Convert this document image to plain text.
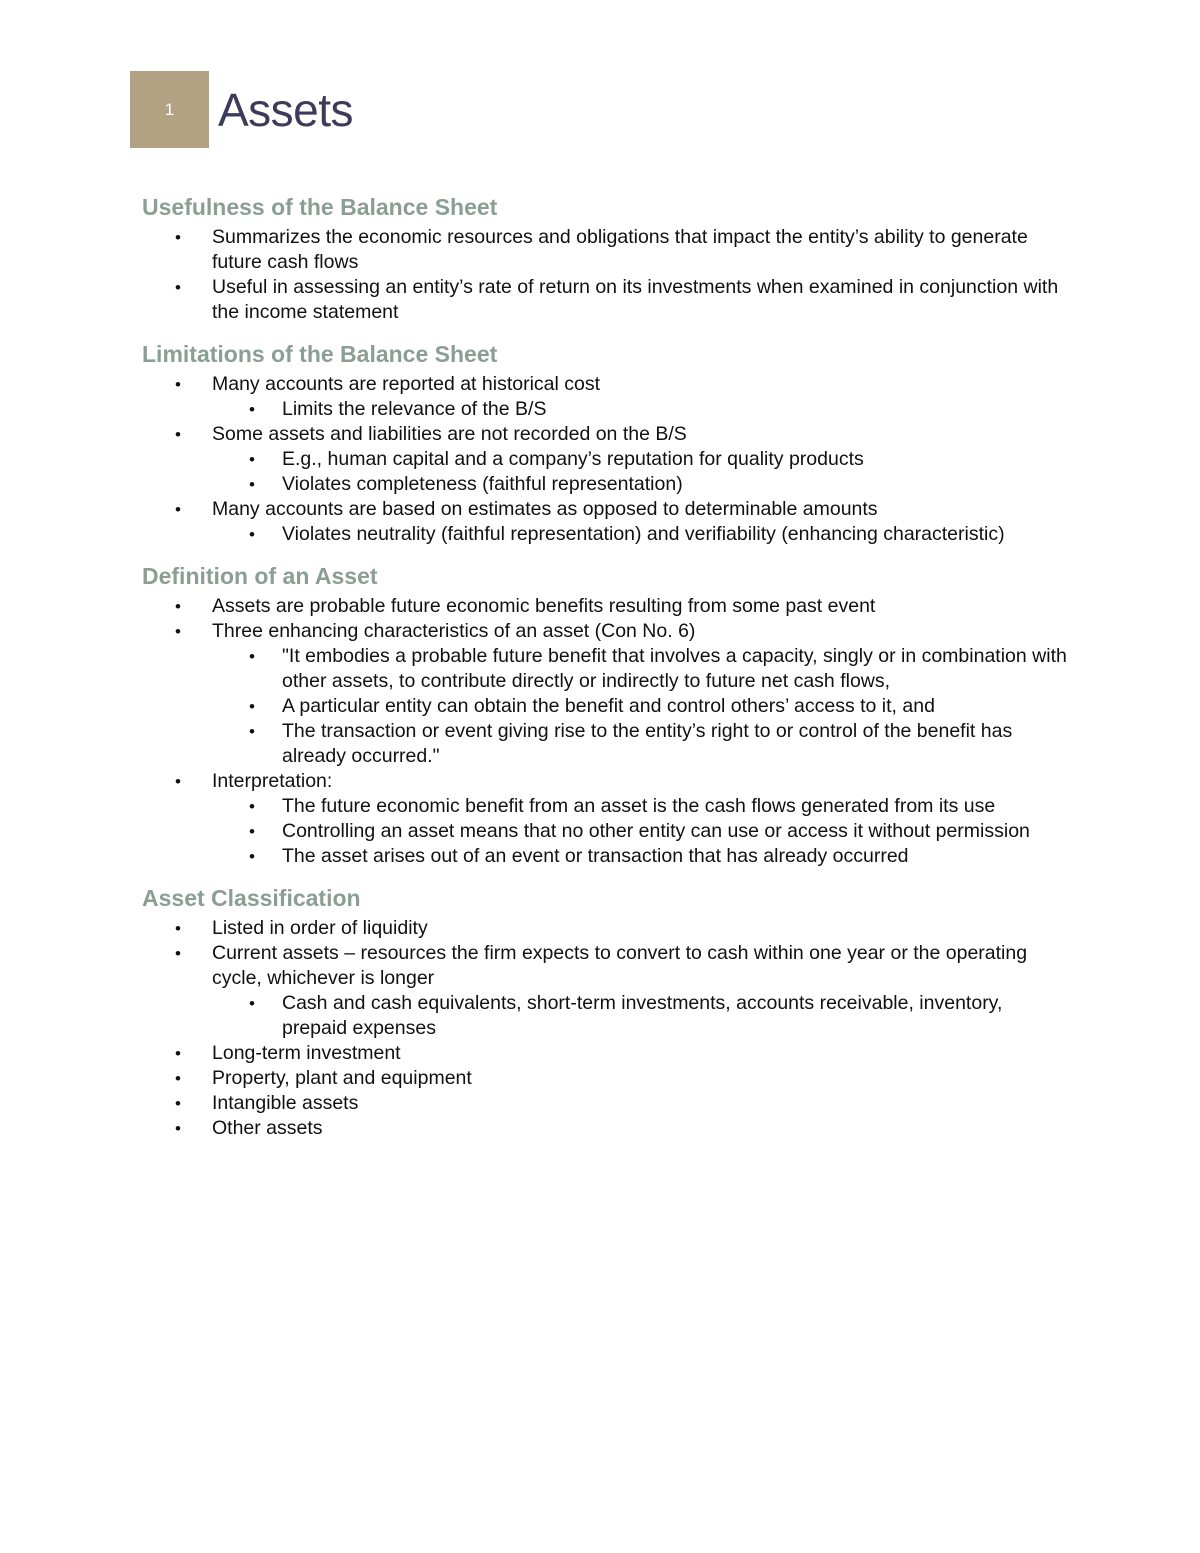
1 Assets
Usefulness of the Balance Sheet
• Summarizes the economic resources and obligations that impact the entity’s ability to generate future cash flows
• Useful in assessing an entity’s rate of return on its investments when examined in conjunction with the income statement
Limitations of the Balance Sheet
• Many accounts are reported at historical cost
• Limits the relevance of the B/S
• Some assets and liabilities are not recorded on the B/S
• E.g., human capital and a company’s reputation for quality products
• Violates completeness (faithful representation)
• Many accounts are based on estimates as opposed to determinable amounts
• Violates neutrality (faithful representation) and verifiability (enhancing characteristic)
Definition of an Asset
• Assets are probable future economic benefits resulting from some past event
• Three enhancing characteristics of an asset (Con No. 6)
• "It embodies a probable future benefit that involves a capacity, singly or in combination with other assets, to contribute directly or indirectly to future net cash flows,
• A particular entity can obtain the benefit and control others’ access to it, and
• The transaction or event giving rise to the entity’s right to or control of the benefit has already occurred."
• Interpretation:
• The future economic benefit from an asset is the cash flows generated from its use
• Controlling an asset means that no other entity can use or access it without permission
• The asset arises out of an event or transaction that has already occurred
Asset Classification
• Listed in order of liquidity
• Current assets – resources the firm expects to convert to cash within one year or the operating cycle, whichever is longer
• Cash and cash equivalents, short-term investments, accounts receivable, inventory, prepaid expenses
• Long-term investment
• Property, plant and equipment
• Intangible assets
• Other assets
